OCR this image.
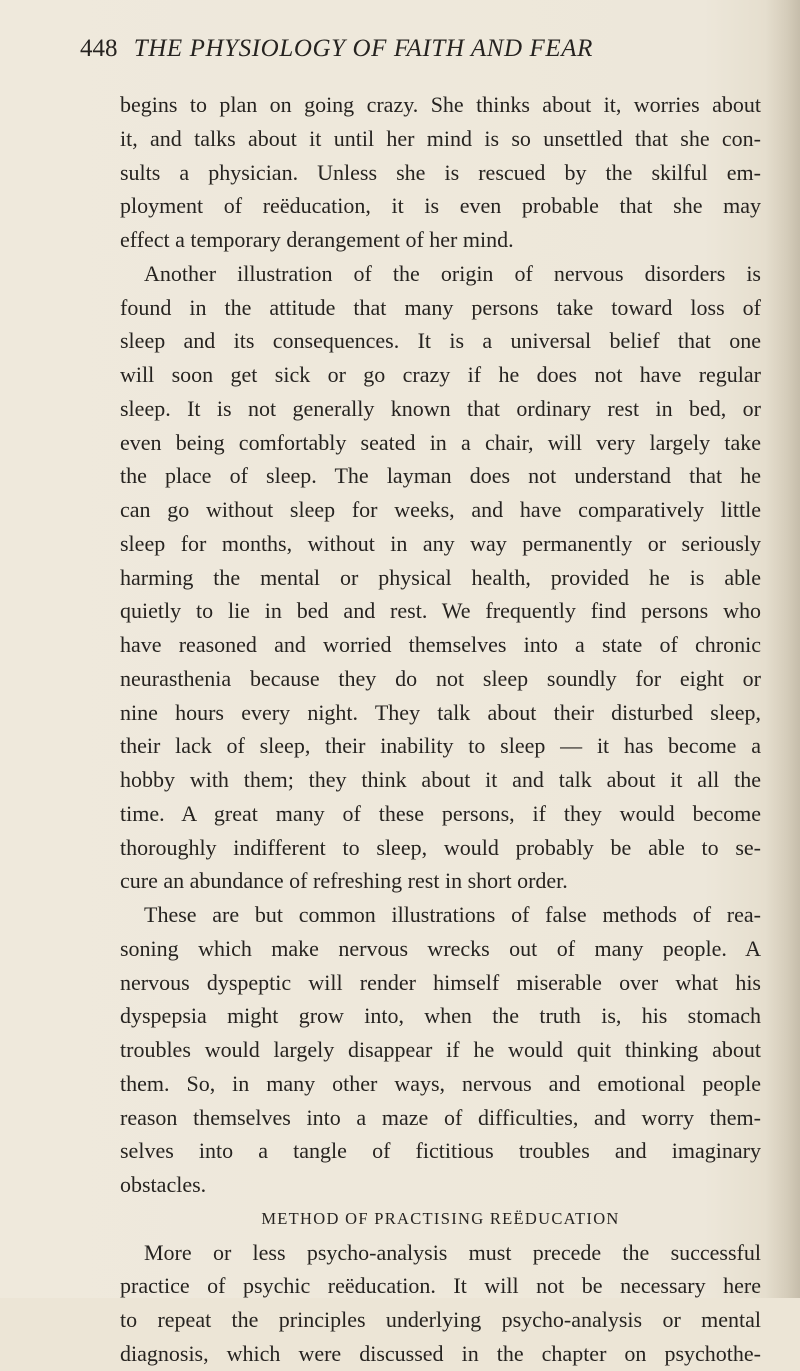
448 THE PHYSIOLOGY OF FAITH AND FEAR
begins to plan on going crazy. She thinks about it, worries about
it, and talks about it until her mind is so unsettled that she con-
sults a physician. Unless she is rescued by the skilful em-
ployment of reëducation, it is even probable that she may
effect a temporary derangement of her mind.
Another illustration of the origin of nervous disorders is
found in the attitude that many persons take toward loss of
sleep and its consequences. It is a universal belief that one
will soon get sick or go crazy if he does not have regular
sleep. It is not generally known that ordinary rest in bed, or
even being comfortably seated in a chair, will very largely take
the place of sleep. The layman does not understand that he
can go without sleep for weeks, and have comparatively little
sleep for months, without in any way permanently or seriously
harming the mental or physical health, provided he is able
quietly to lie in bed and rest. We frequently find persons who
have reasoned and worried themselves into a state of chronic
neurasthenia because they do not sleep soundly for eight or
nine hours every night. They talk about their disturbed sleep,
their lack of sleep, their inability to sleep — it has become a
hobby with them; they think about it and talk about it all the
time. A great many of these persons, if they would become
thoroughly indifferent to sleep, would probably be able to se-
cure an abundance of refreshing rest in short order.
These are but common illustrations of false methods of rea-
soning which make nervous wrecks out of many people. A
nervous dyspeptic will render himself miserable over what his
dyspepsia might grow into, when the truth is, his stomach
troubles would largely disappear if he would quit thinking about
them. So, in many other ways, nervous and emotional people
reason themselves into a maze of difficulties, and worry them-
selves into a tangle of fictitious troubles and imaginary
obstacles.
METHOD OF PRACTISING REËDUCATION
More or less psycho-analysis must precede the successful
practice of psychic reëducation. It will not be necessary here
to repeat the principles underlying psycho-analysis or mental
diagnosis, which were discussed in the chapter on psychothe-
